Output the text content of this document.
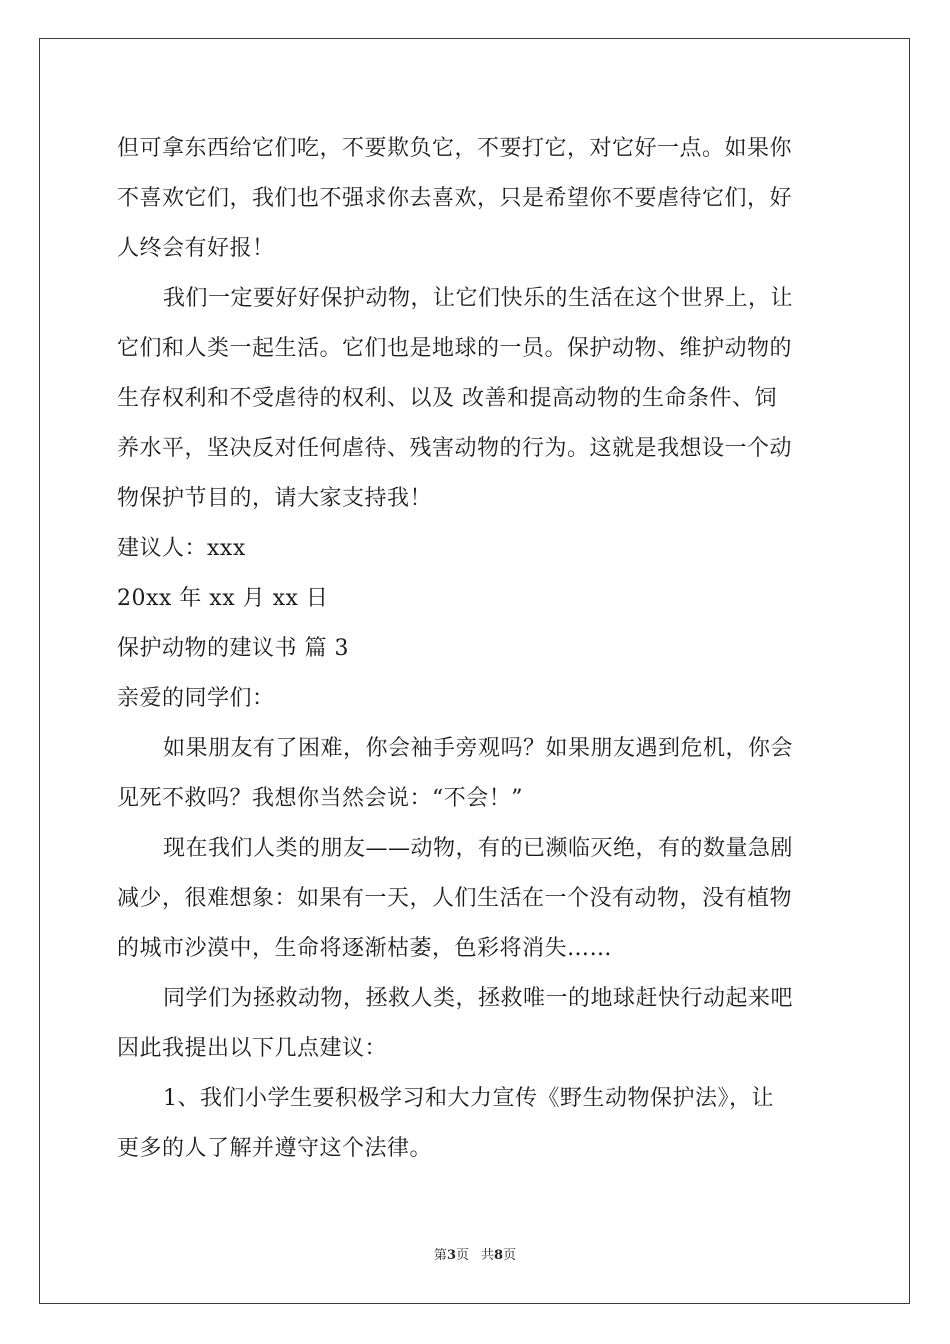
但可拿东西给它们吃，不要欺负它，不要打它，对它好一点。如果你
不喜欢它们，我们也不强求你去喜欢，只是希望你不要虐待它们，好
人终会有好报！
我们一定要好好保护动物，让它们快乐的生活在这个世界上，让
它们和人类一起生活。它们也是地球的一员。保护动物、维护动物的
生存权利和不受虐待的权利、以及 改善和提高动物的生命条件、饲
养水平，坚决反对任何虐待、残害动物的行为。这就是我想设一个动
物保护节目的，请大家支持我！
建议人：xxx
20xx 年 xx 月 xx 日
保护动物的建议书 篇 3
亲爱的同学们：
如果朋友有了困难，你会袖手旁观吗？如果朋友遇到危机，你会
见死不救吗？我想你当然会说：“不会！”
现在我们人类的朋友——动物，有的已濒临灭绝，有的数量急剧
减少，很难想象：如果有一天，人们生活在一个没有动物，没有植物
的城市沙漠中，生命将逐渐枯萎，色彩将消失……
同学们为拯救动物，拯救人类，拯救唯一的地球赶快行动起来吧
因此我提出以下几点建议：
1、我们小学生要积极学习和大力宣传《野生动物保护法》，让
更多的人了解并遵守这个法律。
第3页 共8页
